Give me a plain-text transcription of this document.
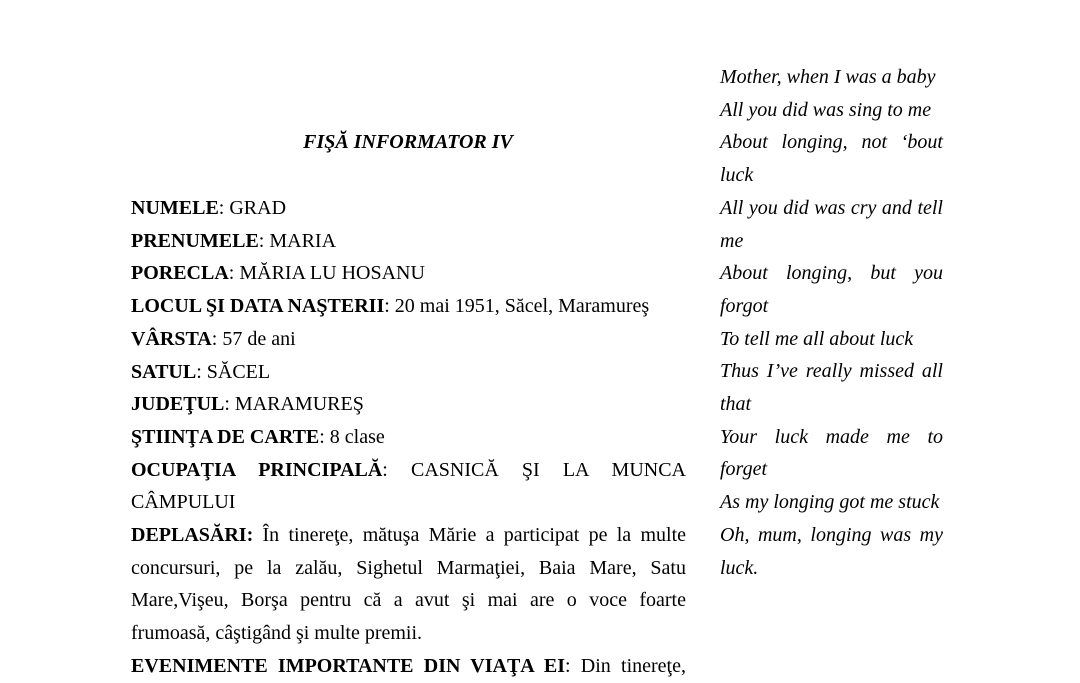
FIŞĂ INFORMATOR IV

NUMELE: GRAD

PRENUMELE: MARIA

PORECLA: MĂRIA LU HOSANU

LOCUL ŞI DATA NAŞTERII: 20 mai 1951, Săcel, Maramureş

VÂRSTA: 57 de ani

SATUL: SĂCEL

JUDEŢUL: MARAMUREŞ

ŞTIINŢA DE CARTE: 8 clase

OCUPAŢIA PRINCIPALĂ: CASNICĂ ŞI LA MUNCA CÂMPULUI

DEPLASĂRI: În tinereţe, mătuşa Mărie a participat pe la multe concursuri, pe la zalău, Sighetul Marmaţiei, Baia Mare, Satu Mare,Vişeu, Borşa pentru că a avut şi mai are o voce foarte frumoasă, câştigând şi multe premii.

EVENIMENTE IMPORTANTE DIN VIAŢA EI: Din tinereţe,

Mother, when I was a baby

All you did was sing to me

About longing, not ‘bout luck

All you did was cry and tell me

About longing, but you forgot

To tell me all about luck

Thus I’ve really missed all that

Your luck made me to forget

As my longing got me stuck

Oh, mum, longing was my luck.
